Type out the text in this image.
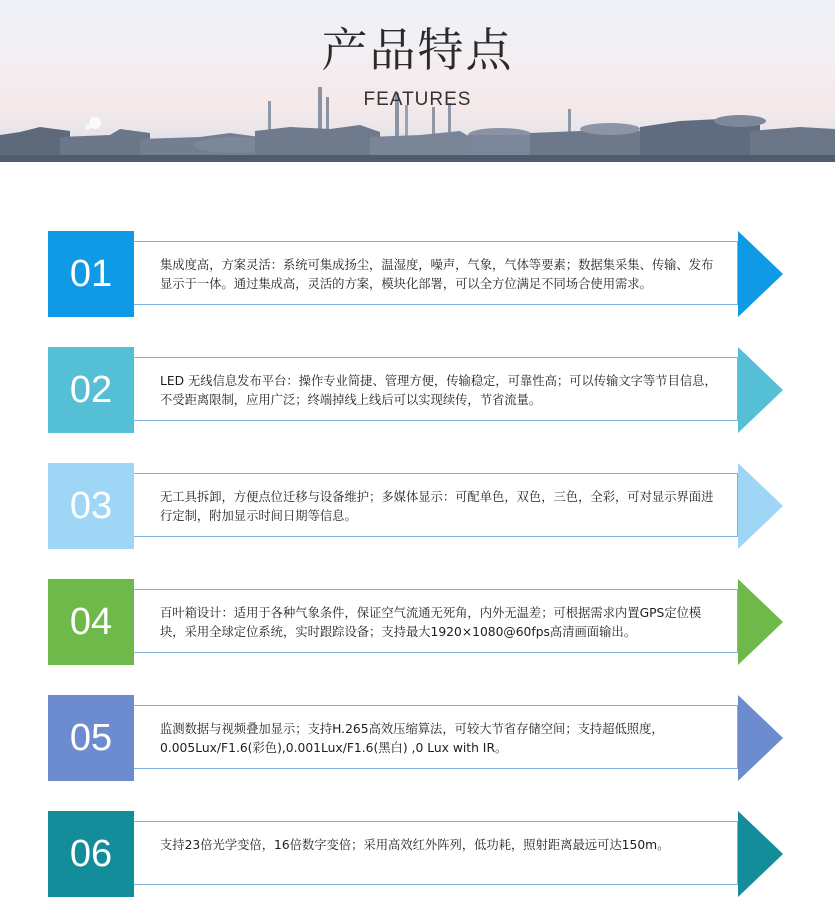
产品特点
FEATURES
01	集成度高，方案灵活：系统可集成扬尘，温湿度，噪声，气象，气体等要素；数据集采集、传输、发布显示于一体。通过集成高，灵活的方案，模块化部署，可以全方位满足不同场合使用需求。
02	LED 无线信息发布平台：操作专业简捷、管理方便，传输稳定，可靠性高；可以传输文字等节目信息，不受距离限制，应用广泛；终端掉线上线后可以实现续传，节省流量。
03	无工具拆卸，方便点位迁移与设备维护；多媒体显示：可配单色，双色，三色，全彩，可对显示界面进行定制，附加显示时间日期等信息。
04	百叶箱设计：适用于各种气象条件，保证空气流通无死角，内外无温差；可根据需求内置GPS定位模块，采用全球定位系统，实时跟踪设备；支持最大1920×1080@60fps高清画面输出。
05	监测数据与视频叠加显示；支持H.265高效压缩算法，可较大节省存储空间；支持超低照度，0.005Lux/F1.6(彩色),0.001Lux/F1.6(黑白) ,0 Lux with IR。
06	支持23倍光学变倍，16倍数字变倍；采用高效红外阵列，低功耗，照射距离最远可达150m。
